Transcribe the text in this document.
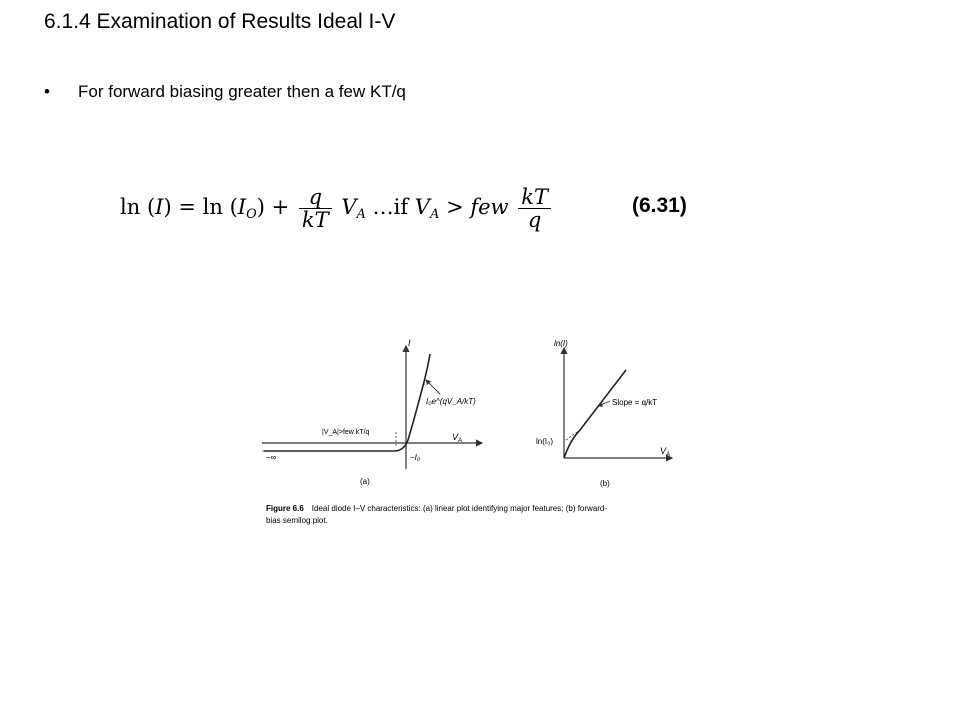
6.1.4 Examination of Results Ideal I-V
• For forward biasing greater then a few KT/q
$\ln (I) = \ln (I_O) + \frac{q}{kT} V_A$ …if $V_A$ > few $\frac{kT}{q}$	(6.31)
I
$V_A$
I₀e^(qV_A/kT)
|V_A|>few kT/q
−∞	−I₀
(a)
ln(I)
$V_A$
Slope = q/kT
ln(I₀)
(b)
Figure 6.6 Ideal diode I–V characteristics: (a) linear plot identifying major features; (b) forward-
bias semilog plot.
